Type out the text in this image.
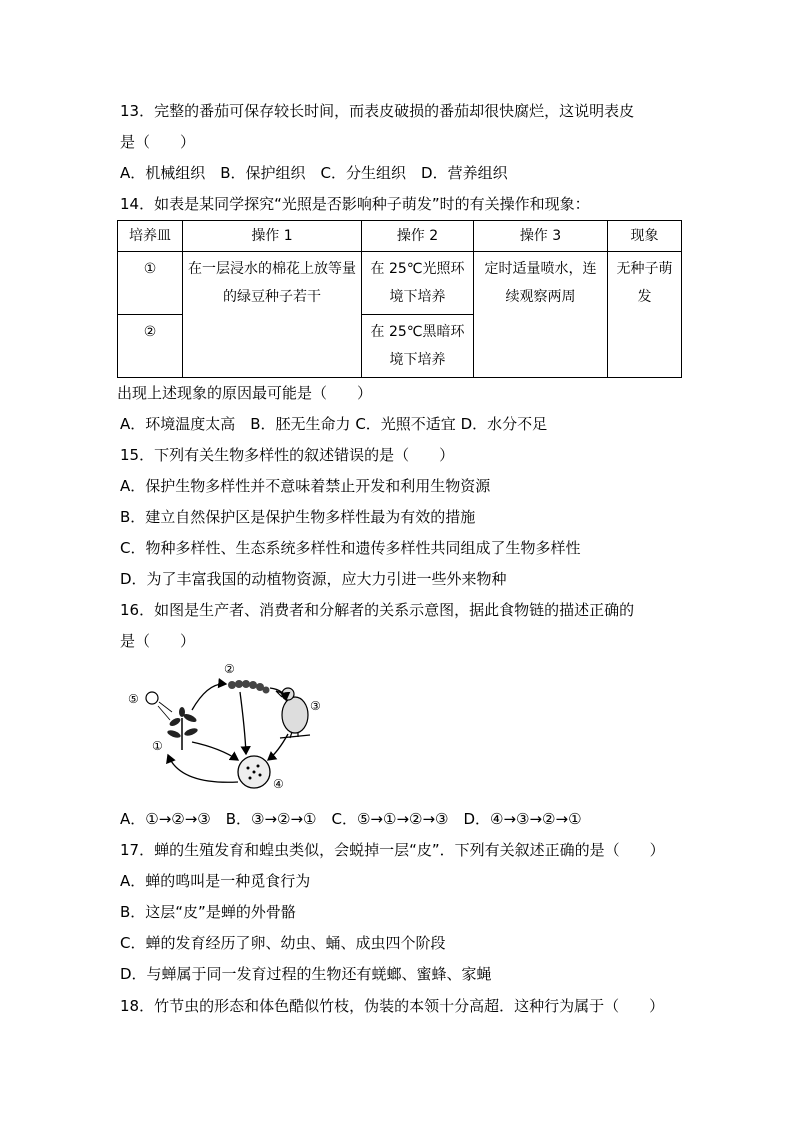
13．完整的番茄可保存较长时间，而表皮破损的番茄却很快腐烂，这说明表皮
是（　　）
A．机械组织　B．保护组织　C．分生组织　D．营养组织
14．如表是某同学探究“光照是否影响种子萌发”时的有关操作和现象：
培养皿	操作 1	操作 2	操作 3	现象
①	在一层浸水的棉花上放等量的绿豆种子若干	在 25℃光照环境下培养	定时适量喷水，连续观察两周	无种子萌发
②		在 25℃黑暗环境下培养		
出现上述现象的原因最可能是（　　）
A．环境温度太高　B．胚无生命力 C．光照不适宜 D．水分不足
15．下列有关生物多样性的叙述错误的是（　　）
A．保护生物多样性并不意味着禁止开发和利用生物资源
B．建立自然保护区是保护生物多样性最为有效的措施
C．物种多样性、生态系统多样性和遗传多样性共同组成了生物多样性
D．为了丰富我国的动植物资源，应大力引进一些外来物种
16．如图是生产者、消费者和分解者的关系示意图，据此食物链的描述正确的
是（　　）
⑤
①
②
③
④
A．①→②→③　B．③→②→①　C．⑤→①→②→③　D．④→③→②→①
17．蝉的生殖发育和蝗虫类似，会蜕掉一层“皮”．下列有关叙述正确的是（　　）
A．蝉的鸣叫是一种觅食行为
B．这层“皮”是蝉的外骨骼
C．蝉的发育经历了卵、幼虫、蛹、成虫四个阶段
D．与蝉属于同一发育过程的生物还有蜣螂、蜜蜂、家蝇
18．竹节虫的形态和体色酷似竹枝，伪装的本领十分高超．这种行为属于（　　）
